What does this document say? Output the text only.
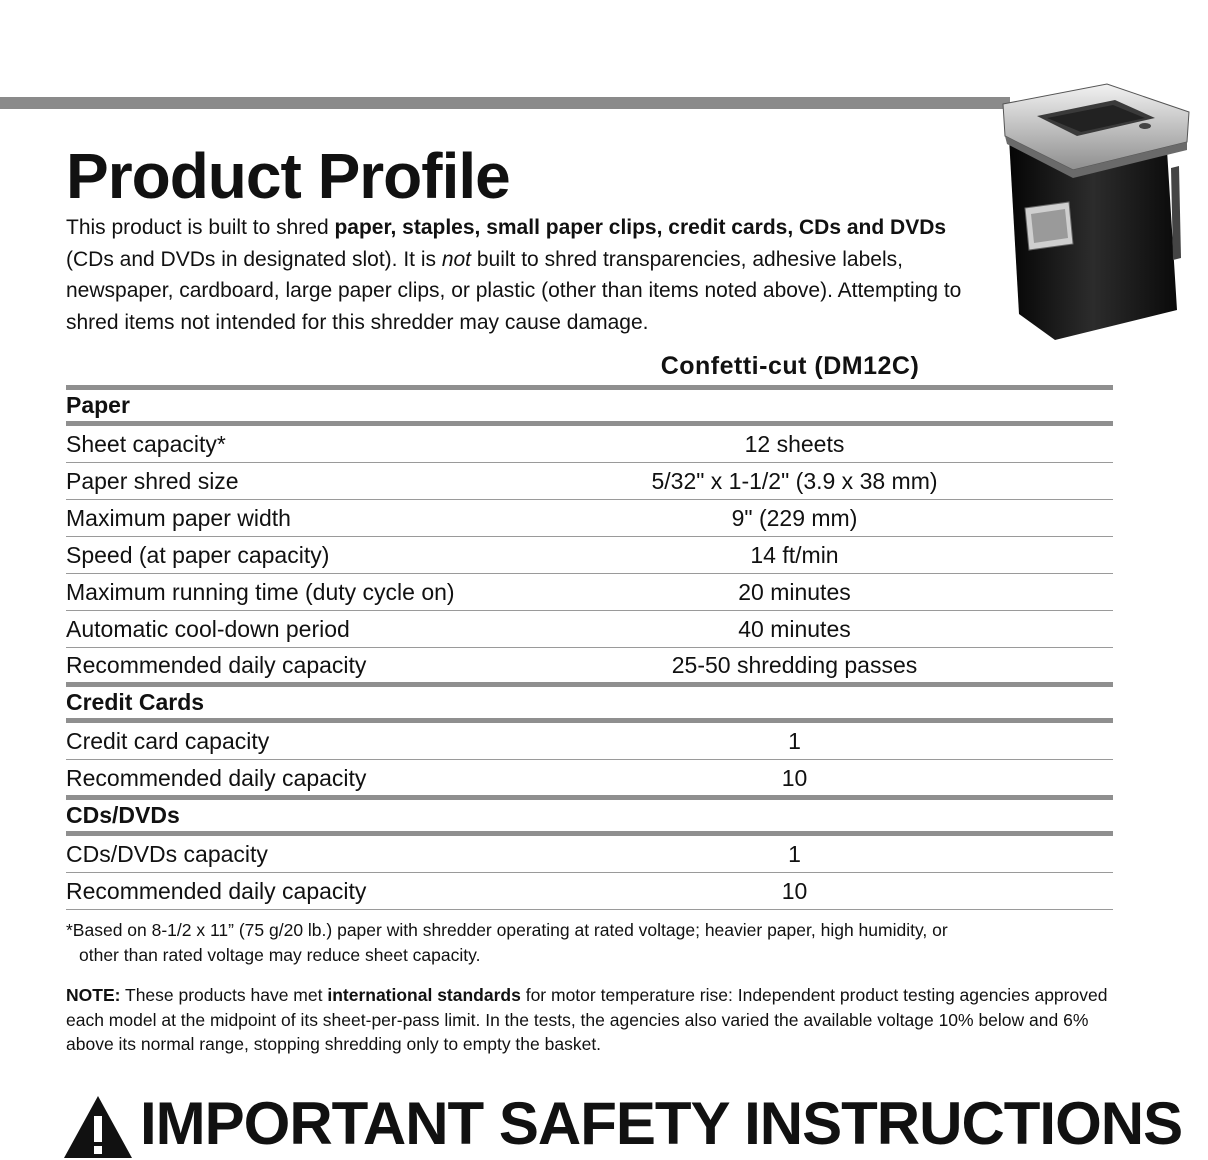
Product Profile

This product is built to shred paper, staples, small paper clips, credit cards, CDs and DVDs (CDs and DVDs in designated slot). It is not built to shred transparencies, adhesive labels, newspaper, cardboard, large paper clips, or plastic (other than items noted above). Attempting to shred items not intended for this shredder may cause damage.

Confetti-cut (DM12C)
Paper
Sheet capacity*	12 sheets
Paper shred size	5/32" x 1-1/2" (3.9 x 38 mm)
Maximum paper width	9" (229 mm)
Speed (at paper capacity)	14 ft/min
Maximum running time (duty cycle on)	20 minutes
Automatic cool-down period	40 minutes
Recommended daily capacity	25-50 shredding passes
Credit Cards
Credit card capacity	1
Recommended daily capacity	10
CDs/DVDs
CDs/DVDs capacity	1
Recommended daily capacity	10

*Based on 8-1/2 x 11” (75 g/20 lb.) paper with shredder operating at rated voltage; heavier paper, high humidity, or
other than rated voltage may reduce sheet capacity.

NOTE: These products have met international standards for motor temperature rise: Independent product testing agencies approved each model at the midpoint of its sheet-per-pass limit. In the tests, the agencies also varied the available voltage 10% below and 6% above its normal range, stopping shredding only to empty the basket.

IMPORTANT SAFETY INSTRUCTIONS
